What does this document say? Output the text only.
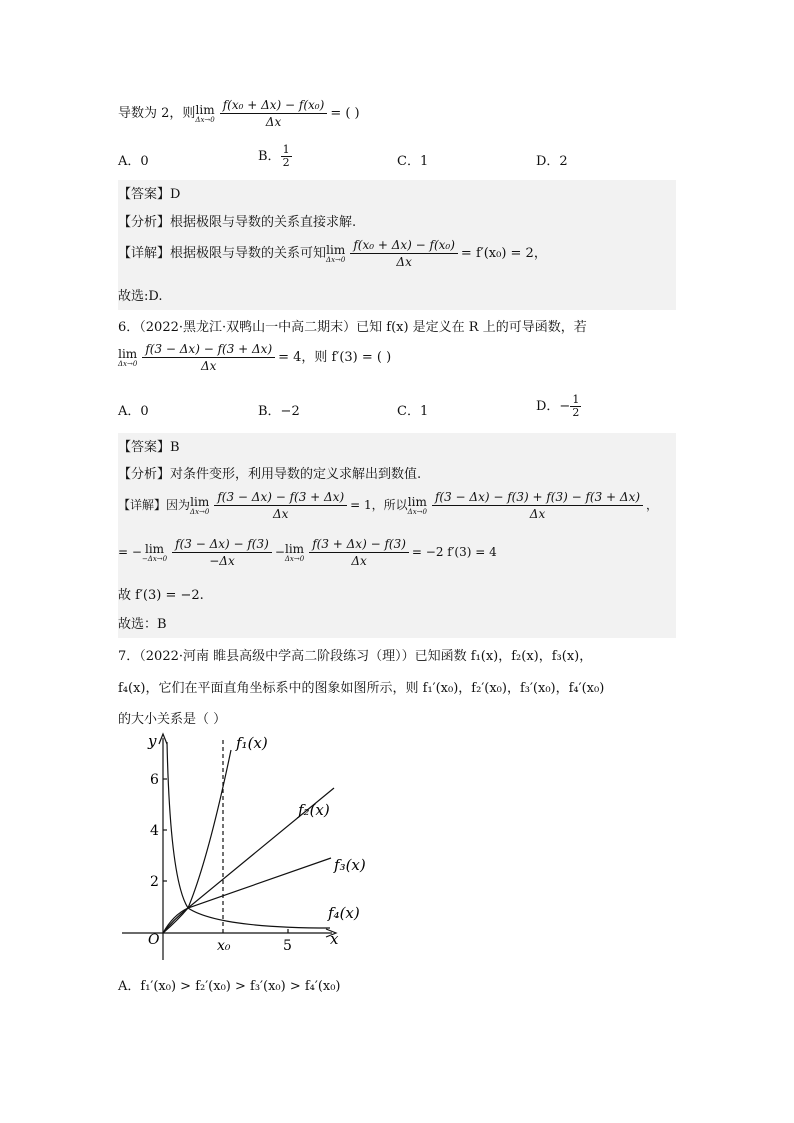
导数为 2，则 lim
$\Delta x\to 0 \frac{\text{f(x₀ + Δx) − f(x₀)}}{\Delta x}$ = ( )
A．0	B． $\frac{1}{2}$	C．1	D．2
【答案】D
【分析】根据极限与导数的关系直接求解.
【详解】根据极限与导数的关系可知 lim
$\Delta x\to 0 \frac{\text{f(x₀ + Δx) − f(x₀)}}{\Delta x} = f'(x_0) = 2$，
故选:D.
6．（2022·黑龙江·双鸭山一中高二期末）已知 f(x) 是定义在 R 上的可导函数，若
lim
$\Delta x\to 0 \frac{f(3 - \Delta x) - f(3 + \Delta x)}{\Delta x} = 4$，则 f′(3) = ( )
A．0	B．−2	C．1	D．− $\frac{1}{2}$
【答案】B
【分析】对条件变形，利用导数的定义求解出到数值.
【详解】因为 lim
$\Delta x\to 0 \frac{f(3 - \Delta x) - f(3 + \Delta x)}{\Delta x} = 1$，所以 lim
$\Delta x\to 0 \frac{f(3 - \Delta x) - f(3) + f(3) - f(3 + \Delta x)}{\Delta x}$ ，
= − lim
$-\Delta x\to 0 \frac{f(3 - \Delta x) - f(3)}{-\Delta x} - \lim$
$\Delta x\to 0 \frac{f(3 + \Delta x) - f(3)}{\Delta x} = -2$ f′(3) = 4
故 f′(3) = −2.
故选：B
7．（2022·河南 睢县高级中学高二阶段练习（理））已知函数 f₁(x)，f₂(x)，f₃(x)，
f₄(x)，它们在平面直角坐标系中的图象如图所示，则 f₁′(x₀)，f₂′(x₀)，f₃′(x₀)，f₄′(x₀)
的大小关系是（ ）
y
x
O
2
4
6
x₀	5
f₁(x)
f₂(x)
f₃(x)
f₄(x)
A．f₁′(x₀) > f₂′(x₀) > f₃′(x₀) > f₄′(x₀)
